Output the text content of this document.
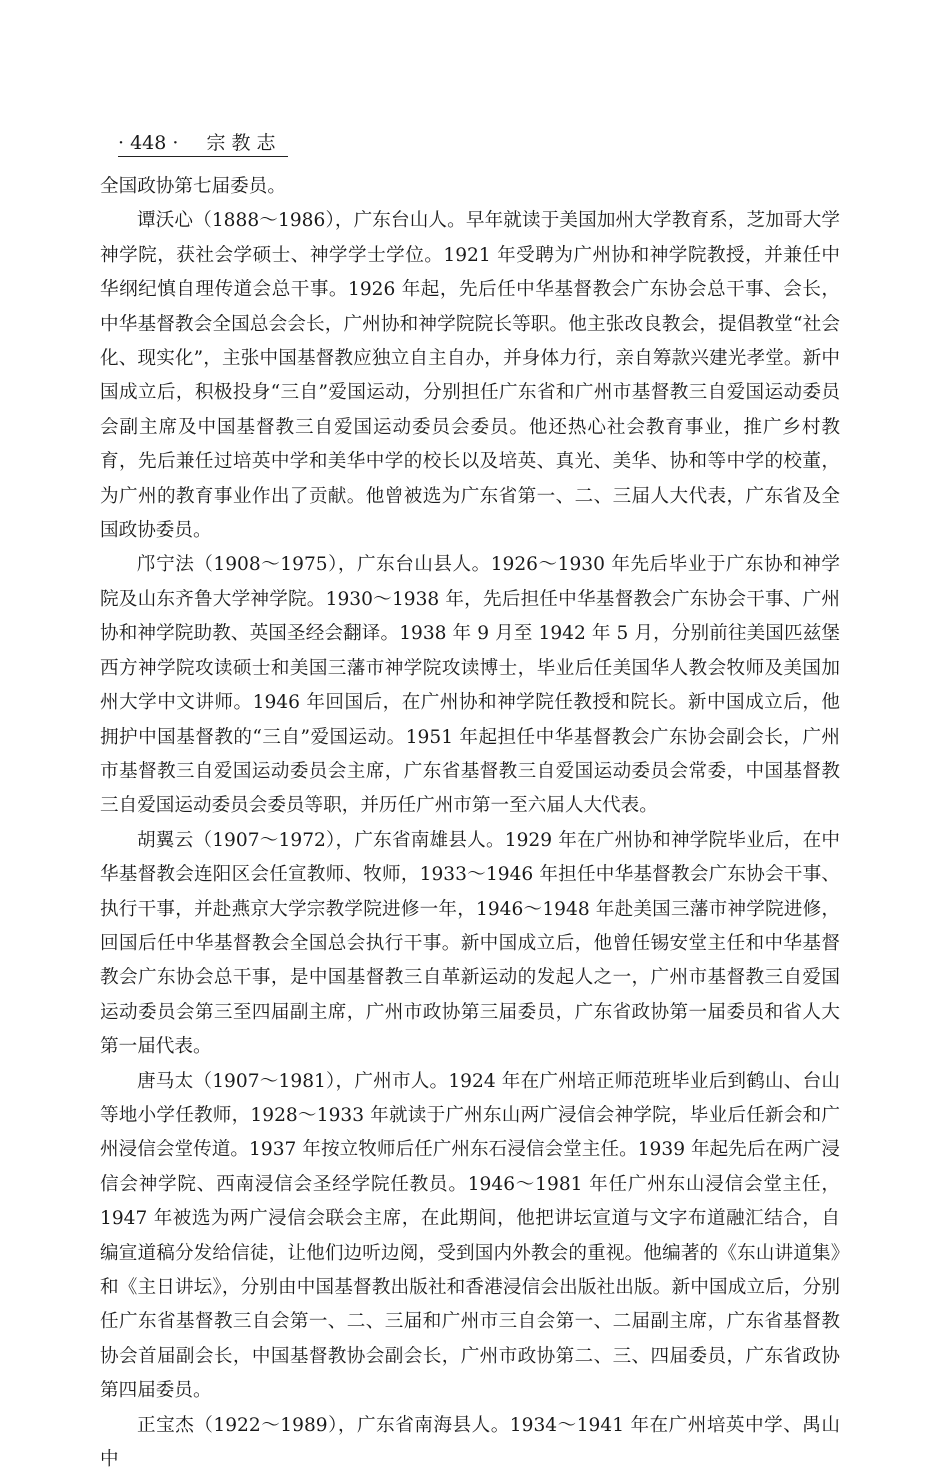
· 448 · 宗教志

全国政协第七届委员。

谭沃心（1888～1986），广东台山人。早年就读于美国加州大学教育系，芝加哥大学神学院，获社会学硕士、神学学士学位。1921 年受聘为广州协和神学院教授，并兼任中华纲纪慎自理传道会总干事。1926 年起，先后任中华基督教会广东协会总干事、会长，中华基督教会全国总会会长，广州协和神学院院长等职。他主张改良教会，提倡教堂“社会化、现实化”，主张中国基督教应独立自主自办，并身体力行，亲自筹款兴建光孝堂。新中国成立后，积极投身“三自”爱国运动，分别担任广东省和广州市基督教三自爱国运动委员会副主席及中国基督教三自爱国运动委员会委员。他还热心社会教育事业，推广乡村教育，先后兼任过培英中学和美华中学的校长以及培英、真光、美华、协和等中学的校董，为广州的教育事业作出了贡献。他曾被选为广东省第一、二、三届人大代表，广东省及全国政协委员。

邝宁法（1908～1975），广东台山县人。1926～1930 年先后毕业于广东协和神学院及山东齐鲁大学神学院。1930～1938 年，先后担任中华基督教会广东协会干事、广州协和神学院助教、英国圣经会翻译。1938 年 9 月至 1942 年 5 月，分别前往美国匹兹堡西方神学院攻读硕士和美国三藩市神学院攻读博士，毕业后任美国华人教会牧师及美国加州大学中文讲师。1946 年回国后，在广州协和神学院任教授和院长。新中国成立后，他拥护中国基督教的“三自”爱国运动。1951 年起担任中华基督教会广东协会副会长，广州市基督教三自爱国运动委员会主席，广东省基督教三自爱国运动委员会常委，中国基督教三自爱国运动委员会委员等职，并历任广州市第一至六届人大代表。

胡翼云（1907～1972），广东省南雄县人。1929 年在广州协和神学院毕业后，在中华基督教会连阳区会任宣教师、牧师，1933～1946 年担任中华基督教会广东协会干事、执行干事，并赴燕京大学宗教学院进修一年，1946～1948 年赴美国三藩市神学院进修，回国后任中华基督教会全国总会执行干事。新中国成立后，他曾任锡安堂主任和中华基督教会广东协会总干事，是中国基督教三自革新运动的发起人之一，广州市基督教三自爱国运动委员会第三至四届副主席，广州市政协第三届委员，广东省政协第一届委员和省人大第一届代表。

唐马太（1907～1981），广州市人。1924 年在广州培正师范班毕业后到鹤山、台山等地小学任教师，1928～1933 年就读于广州东山两广浸信会神学院，毕业后任新会和广州浸信会堂传道。1937 年按立牧师后任广州东石浸信会堂主任。1939 年起先后在两广浸信会神学院、西南浸信会圣经学院任教员。1946～1981 年任广州东山浸信会堂主任，1947 年被选为两广浸信会联会主席，在此期间，他把讲坛宣道与文字布道融汇结合，自编宣道稿分发给信徒，让他们边听边阅，受到国内外教会的重视。他编著的《东山讲道集》和《主日讲坛》，分别由中国基督教出版社和香港浸信会出版社出版。新中国成立后，分别任广东省基督教三自会第一、二、三届和广州市三自会第一、二届副主席，广东省基督教协会首届副会长，中国基督教协会副会长，广州市政协第二、三、四届委员，广东省政协第四届委员。

正宝杰（1922～1989），广东省南海县人。1934～1941 年在广州培英中学、禺山中
